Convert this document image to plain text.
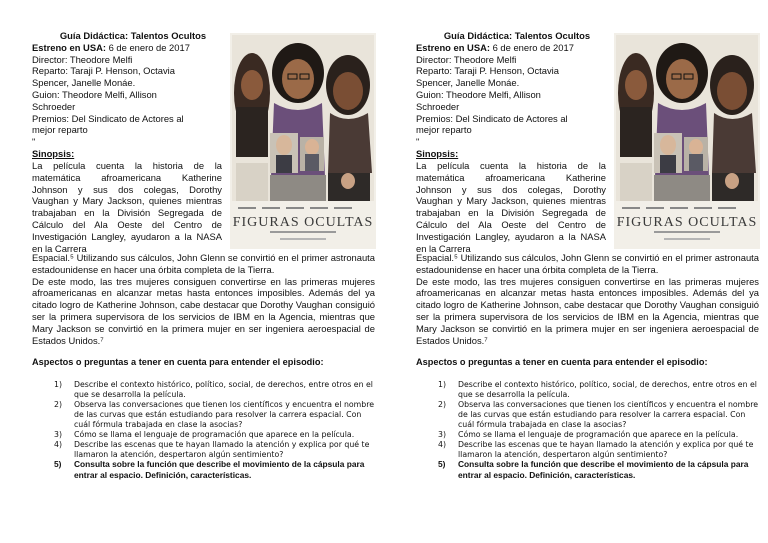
Guía Didáctica: Talentos Ocultos
Estreno en USA: 6 de enero de 2017
Director: Theodore Melfi
Reparto: Taraji P. Henson, Octavia
Spencer, Janelle Monáe.
Guion: Theodore Melfi, Allison
Schroeder
Premios: Del Sindicato de Actores al
mejor reparto
"
Sinopsis:
La película cuenta la historia de la matemática afroamericana Katherine Johnson y sus dos colegas, Dorothy Vaughan y Mary Jackson, quienes mientras trabajaban en la División Segregada de Cálculo del Ala Oeste del Centro de Investigación Langley, ayudaron a la NASA en la Carrera
FIGURAS OCULTAS
Espacial.⁵ Utilizando sus cálculos, John Glenn se convirtió en el primer astronauta estadounidense en hacer una órbita completa de la Tierra.
De este modo, las tres mujeres consiguen convertirse en las primeras mujeres afroamericanas en alcanzar metas hasta entonces imposibles. Además del ya citado logro de Katherine Johnson, cabe destacar que Dorothy Vaughan consiguió ser la primera supervisora de los servicios de IBM en la Agencia, mientras que Mary Jackson se convirtió en la primera mujer en ser ingeniera aeroespacial de Estados Unidos.⁷
Aspectos o preguntas a tener en cuenta para entender el episodio:
1)	Describe el contexto histórico, político, social, de derechos, entre otros en el que se desarrolla la película.
2)	Observa las conversaciones que tienen los científicos y encuentra el nombre de las curvas que están estudiando para resolver la carrera espacial. Con cuál fórmula trabajada en clase la asocias?
3)	Cómo se llama el lenguaje de programación que aparece en la película.
4)	Describe las escenas que te hayan llamado la atención y explica por qué te llamaron la atención, despertaron algún sentimiento?
5)	Consulta sobre la función que describe el movimiento de la cápsula para entrar al espacio. Definición, características.
Guía Didáctica: Talentos Ocultos
Estreno en USA: 6 de enero de 2017
Director: Theodore Melfi
Reparto: Taraji P. Henson, Octavia
Spencer, Janelle Monáe.
Guion: Theodore Melfi, Allison
Schroeder
Premios: Del Sindicato de Actores al
mejor reparto
"
Sinopsis:
La película cuenta la historia de la matemática afroamericana Katherine Johnson y sus dos colegas, Dorothy Vaughan y Mary Jackson, quienes mientras trabajaban en la División Segregada de Cálculo del Ala Oeste del Centro de Investigación Langley, ayudaron a la NASA en la Carrera
FIGURAS OCULTAS
Espacial.⁵ Utilizando sus cálculos, John Glenn se convirtió en el primer astronauta estadounidense en hacer una órbita completa de la Tierra.
De este modo, las tres mujeres consiguen convertirse en las primeras mujeres afroamericanas en alcanzar metas hasta entonces imposibles. Además del ya citado logro de Katherine Johnson, cabe destacar que Dorothy Vaughan consiguió ser la primera supervisora de los servicios de IBM en la Agencia, mientras que Mary Jackson se convirtió en la primera mujer en ser ingeniera aeroespacial de Estados Unidos.⁷
Aspectos o preguntas a tener en cuenta para entender el episodio:
1)	Describe el contexto histórico, político, social, de derechos, entre otros en el que se desarrolla la película.
2)	Observa las conversaciones que tienen los científicos y encuentra el nombre de las curvas que están estudiando para resolver la carrera espacial. Con cuál fórmula trabajada en clase la asocias?
3)	Cómo se llama el lenguaje de programación que aparece en la película.
4)	Describe las escenas que te hayan llamado la atención y explica por qué te llamaron la atención, despertaron algún sentimiento?
5)	Consulta sobre la función que describe el movimiento de la cápsula para entrar al espacio. Definición, características.
